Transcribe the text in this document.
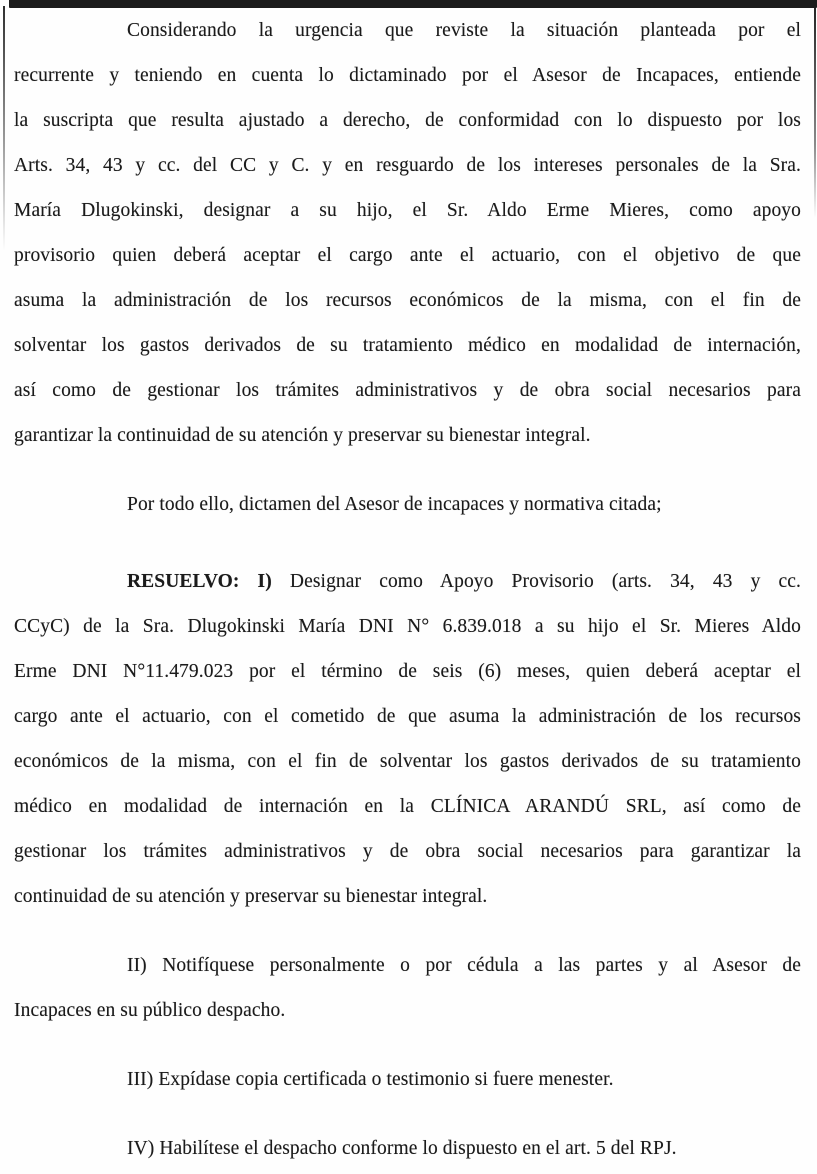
Considerando la urgencia que reviste la situación planteada por el
recurrente y teniendo en cuenta lo dictaminado por el Asesor de Incapaces, entiende
la suscripta que resulta ajustado a derecho, de conformidad con lo dispuesto por los
Arts. 34, 43 y cc. del CC y C. y en resguardo de los intereses personales de la Sra.
María Dlugokinski, designar a su hijo, el Sr. Aldo Erme Mieres, como apoyo
provisorio quien deberá aceptar el cargo ante el actuario, con el objetivo de que
asuma la administración de los recursos económicos de la misma, con el fin de
solventar los gastos derivados de su tratamiento médico en modalidad de internación,
así como de gestionar los trámites administrativos y de obra social necesarios para
garantizar la continuidad de su atención y preservar su bienestar integral.

Por todo ello, dictamen del Asesor de incapaces y normativa citada;

RESUELVO: I) Designar como Apoyo Provisorio (arts. 34, 43 y cc.
CCyC) de la Sra. Dlugokinski María DNI N° 6.839.018 a su hijo el Sr. Mieres Aldo
Erme DNI N°11.479.023 por el término de seis (6) meses, quien deberá aceptar el
cargo ante el actuario, con el cometido de que asuma la administración de los recursos
económicos de la misma, con el fin de solventar los gastos derivados de su tratamiento
médico en modalidad de internación en la CLÍNICA ARANDÚ SRL, así como de
gestionar los trámites administrativos y de obra social necesarios para garantizar la
continuidad de su atención y preservar su bienestar integral.

II) Notifíquese personalmente o por cédula a las partes y al Asesor de
Incapaces en su público despacho.

III) Expídase copia certificada o testimonio si fuere menester.

IV) Habilítese el despacho conforme lo dispuesto en el art. 5 del RPJ.
